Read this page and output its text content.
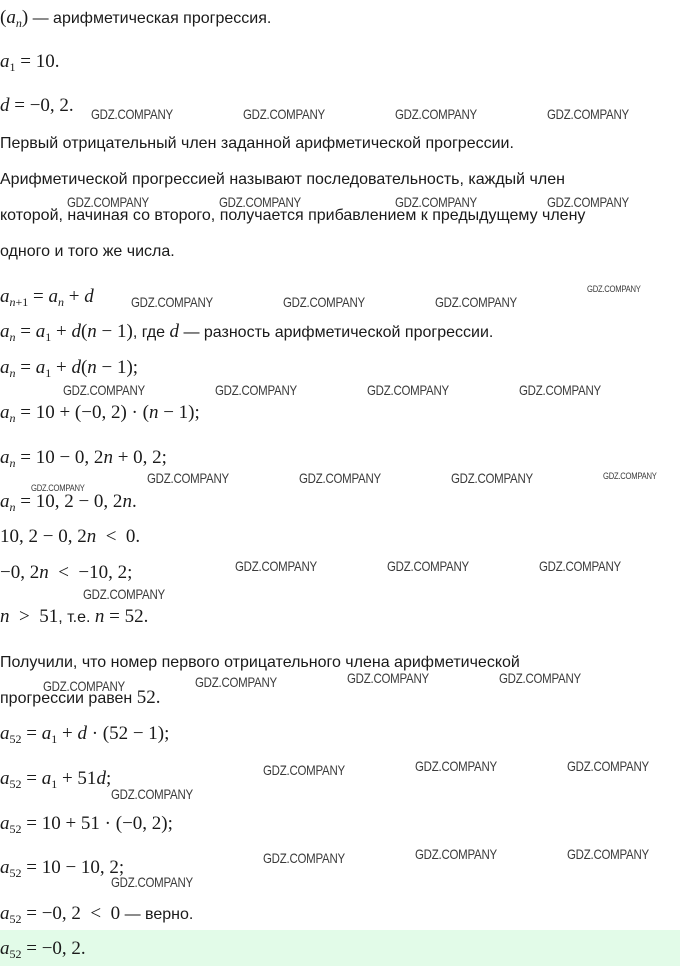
$(a_n)$ — арифметическая прогрессия.
$a_1 = 10$.
d = −0, 2.
Первый отрицательный член заданной арифметической прогрессии.
Арифметической прогрессией называют последовательность, каждый член
которой, начиная со второго, получается прибавлением к предыдущему члену
одного и того же числа.
$a_{n+1} = a_n + d$
$a_n = a_1 + d(n - 1)$, где d — разность арифметической прогрессии.
$a_n = a_1 + d(n - 1)$;
$a_n = 10 + (-0$, 2) · (n − 1);
$a_n = 10 - 0$, 2n + 0, 2;
$a_n = 10$, 2 − 0, 2n.
10, 2 − 0, 2n  <  0.
−0, 2n  <  −10, 2;
n  >  51, т.е. n = 52.
Получили, что номер первого отрицательного члена арифметической
прогрессии равен 52.
$a_{52} = a_1 + d \cdot (52 - 1)$;
$a_{52} = a_1 + 51d$;
$a_{52} = 10 + 51 \cdot (-0$, 2);
$a_{52} = 10 - 10$, 2;
$a_{52} = -0$, 2  <  0 — верно.
$a_{52} = -0$, 2.
GDZ.COMPANY	GDZ.COMPANY	GDZ.COMPANY	GDZ.COMPANY
GDZ.COMPANY	GDZ.COMPANY	GDZ.COMPANY	GDZ.COMPANY
GDZ.COMPANY	GDZ.COMPANY	GDZ.COMPANY
GDZ.COMPANY
GDZ.COMPANY	GDZ.COMPANY	GDZ.COMPANY	GDZ.COMPANY
GDZ.COMPANY	GDZ.COMPANY	GDZ.COMPANY	GDZ.COMPANY
GDZ.COMPANY
GDZ.COMPANY	GDZ.COMPANY	GDZ.COMPANY
GDZ.COMPANY
GDZ.COMPANY	GDZ.COMPANY	GDZ.COMPANY	GDZ.COMPANY
GDZ.COMPANY	GDZ.COMPANY	GDZ.COMPANY
GDZ.COMPANY
GDZ.COMPANY	GDZ.COMPANY	GDZ.COMPANY
GDZ.COMPANY
